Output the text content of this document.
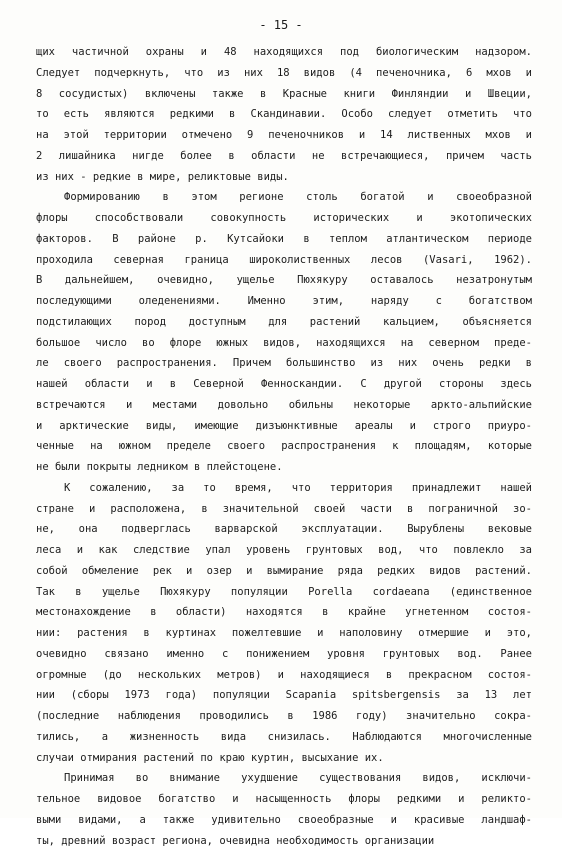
- 15 -
щих частичной охраны и 48 находящихся под биологическим надзором.
Следует подчеркнуть, что из них 18 видов (4 печеночника, 6 мхов и
8 сосудистых) включены также в Красные книги Финляндии и Швеции,
то есть являются редкими в Скандинавии. Особо следует отметить что
на этой территории отмечено 9 печеночников и 14 лиственных мхов и
2 лишайника нигде более в области не встречающиеся, причем часть
из них - редкие в мире, реликтовые виды.
Формированию в этом регионе столь богатой и своеобразной
флоры способствовали совокупность исторических и экотопических
факторов. В районе р. Кутсайоки в теплом атлантическом периоде
проходила северная граница широколиственных лесов (Vasari, 1962).
В дальнейшем, очевидно, ущелье Пюхякуру оставалось незатронутым
последующими оледенениями. Именно этим, наряду с богатством
подстилающих пород доступным для растений кальцием, объясняется
большое число во флоре южных видов, находящихся на северном преде-
ле своего распространения. Причем большинство из них очень редки в
нашей области и в Северной Фенноскандии. С другой стороны здесь
встречаются и местами довольно обильны некоторые аркто-альпийские
и арктические виды, имеющие дизъюнктивные ареалы и строго приуро-
ченные на южном пределе своего распространения к площадям, которые
не были покрыты ледником в плейстоцене.
К сожалению, за то время, что территория принадлежит нашей
стране и расположена, в значительной своей части в пограничной зо-
не, она подверглась варварской эксплуатации. Вырублены вековые
леса и как следствие упал уровень грунтовых вод, что повлекло за
собой обмеление рек и озер и вымирание ряда редких видов растений.
Так в ущелье Пюхякуру популяции Porella cordaeana (единственное
местонахождение в области) находятся в крайне угнетенном состоя-
нии: растения в куртинах пожелтевшие и наполовину отмершие и это,
очевидно связано именно с понижением уровня грунтовых вод. Ранее
огромные (до нескольких метров) и находящиеся в прекрасном состоя-
нии (сборы 1973 года) популяции Scapania spitsbergensis за 13 лет
(последние наблюдения проводились в 1986 году) значительно сокра-
тились, а жизненность вида снизилась. Наблюдаются многочисленные
случаи отмирания растений по краю куртин, высыхание их.
Принимая во внимание ухудшение существования видов, исключи-
тельное видовое богатство и насыщенность флоры редкими и реликто-
выми видами, а также удивительно своеобразные и красивые ландшаф-
ты, древний возраст региона, очевидна необходимость организации
